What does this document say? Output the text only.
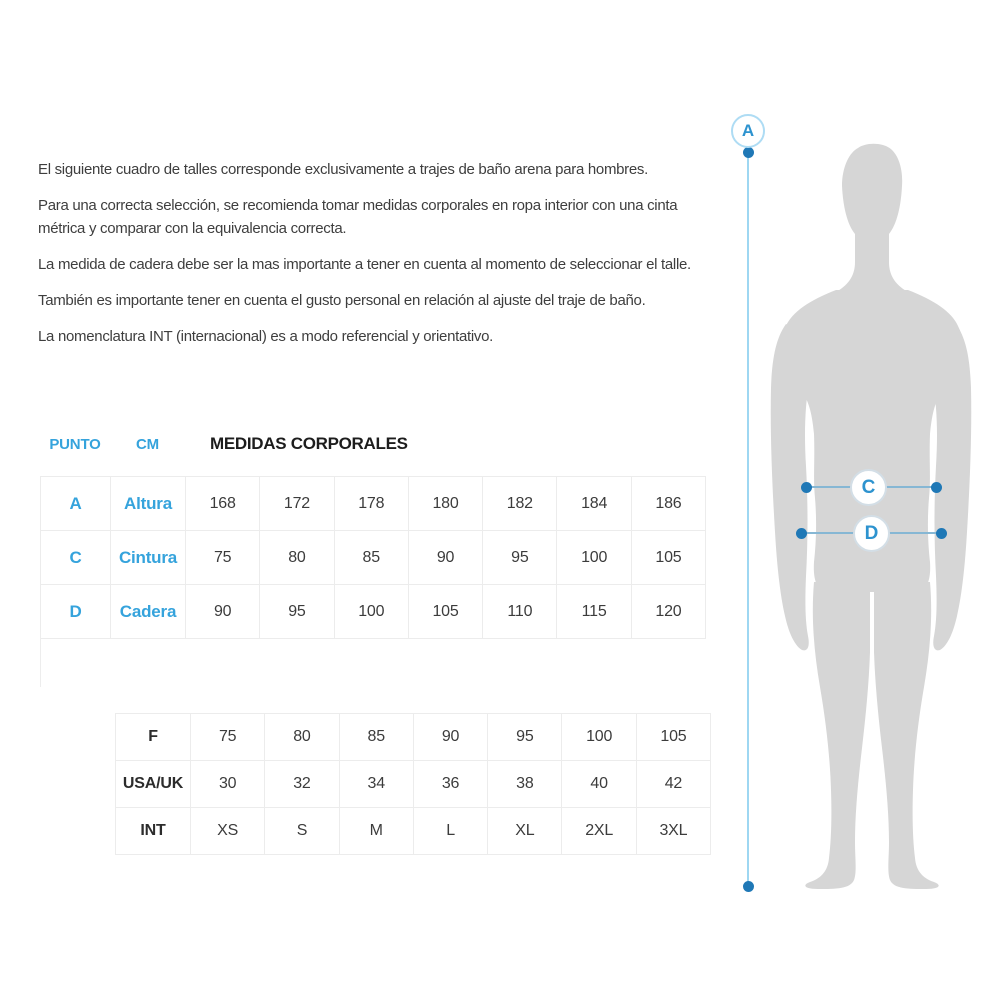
El siguiente cuadro de talles corresponde exclusivamente a trajes de baño arena para hombres.

Para una correcta selección, se recomienda tomar medidas corporales en ropa interior con una cinta métrica y comparar con la equivalencia correcta.

La medida de cadera debe ser la mas importante a tener en cuenta al momento de seleccionar el talle.

También es importante tener en cuenta el gusto personal en relación al ajuste del traje de baño.

La nomenclatura INT (internacional) es a modo referencial y orientativo.

PUNTO	CM	MEDIDAS CORPORALES
A	Altura	168	172	178	180	182	184	186
C	Cintura	75	80	85	90	95	100	105
D	Cadera	90	95	100	105	110	115	120
F	75	80	85	90	95	100	105
USA/UK	30	32	34	36	38	40	42
INT	XS	S	M	L	XL	2XL	3XL
A
C
D
